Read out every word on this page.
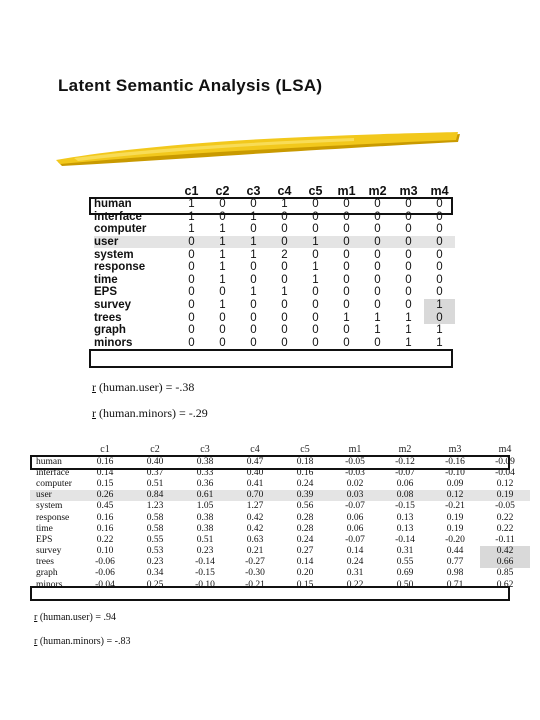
Latent Semantic Analysis (LSA)
	c1	c2	c3	c4	c5	m1	m2	m3	m4
human	1	0	0	1	0	0	0	0	0
interface	1	0	1	0	0	0	0	0	0
computer	1	1	0	0	0	0	0	0	0
user	0	1	1	0	1	0	0	0	0
system	0	1	1	2	0	0	0	0	0
response	0	1	0	0	1	0	0	0	0
time	0	1	0	0	1	0	0	0	0
EPS	0	0	1	1	0	0	0	0	0
survey	0	1	0	0	0	0	0	0	1
trees	0	0	0	0	0	1	1	1	0
graph	0	0	0	0	0	0	1	1	1
minors	0	0	0	0	0	0	0	1	1

r (human.user) = -.38

r (human.minors) = -.29

	c1	c2	c3	c4	c5	m1	m2	m3	m4
human	0.16	0.40	0.38	0.47	0.18	-0.05	-0.12	-0.16	-0.09
interface	0.14	0.37	0.33	0.40	0.16	-0.03	-0.07	-0.10	-0.04
computer	0.15	0.51	0.36	0.41	0.24	0.02	0.06	0.09	0.12
user	0.26	0.84	0.61	0.70	0.39	0.03	0.08	0.12	0.19
system	0.45	1.23	1.05	1.27	0.56	-0.07	-0.15	-0.21	-0.05
response	0.16	0.58	0.38	0.42	0.28	0.06	0.13	0.19	0.22
time	0.16	0.58	0.38	0.42	0.28	0.06	0.13	0.19	0.22
EPS	0.22	0.55	0.51	0.63	0.24	-0.07	-0.14	-0.20	-0.11
survey	0.10	0.53	0.23	0.21	0.27	0.14	0.31	0.44	0.42
trees	-0.06	0.23	-0.14	-0.27	0.14	0.24	0.55	0.77	0.66
graph	-0.06	0.34	-0.15	-0.30	0.20	0.31	0.69	0.98	0.85
minors	-0.04	0.25	-0.10	-0.21	0.15	0.22	0.50	0.71	0.62

r (human.user) = .94

r (human.minors) = -.83
